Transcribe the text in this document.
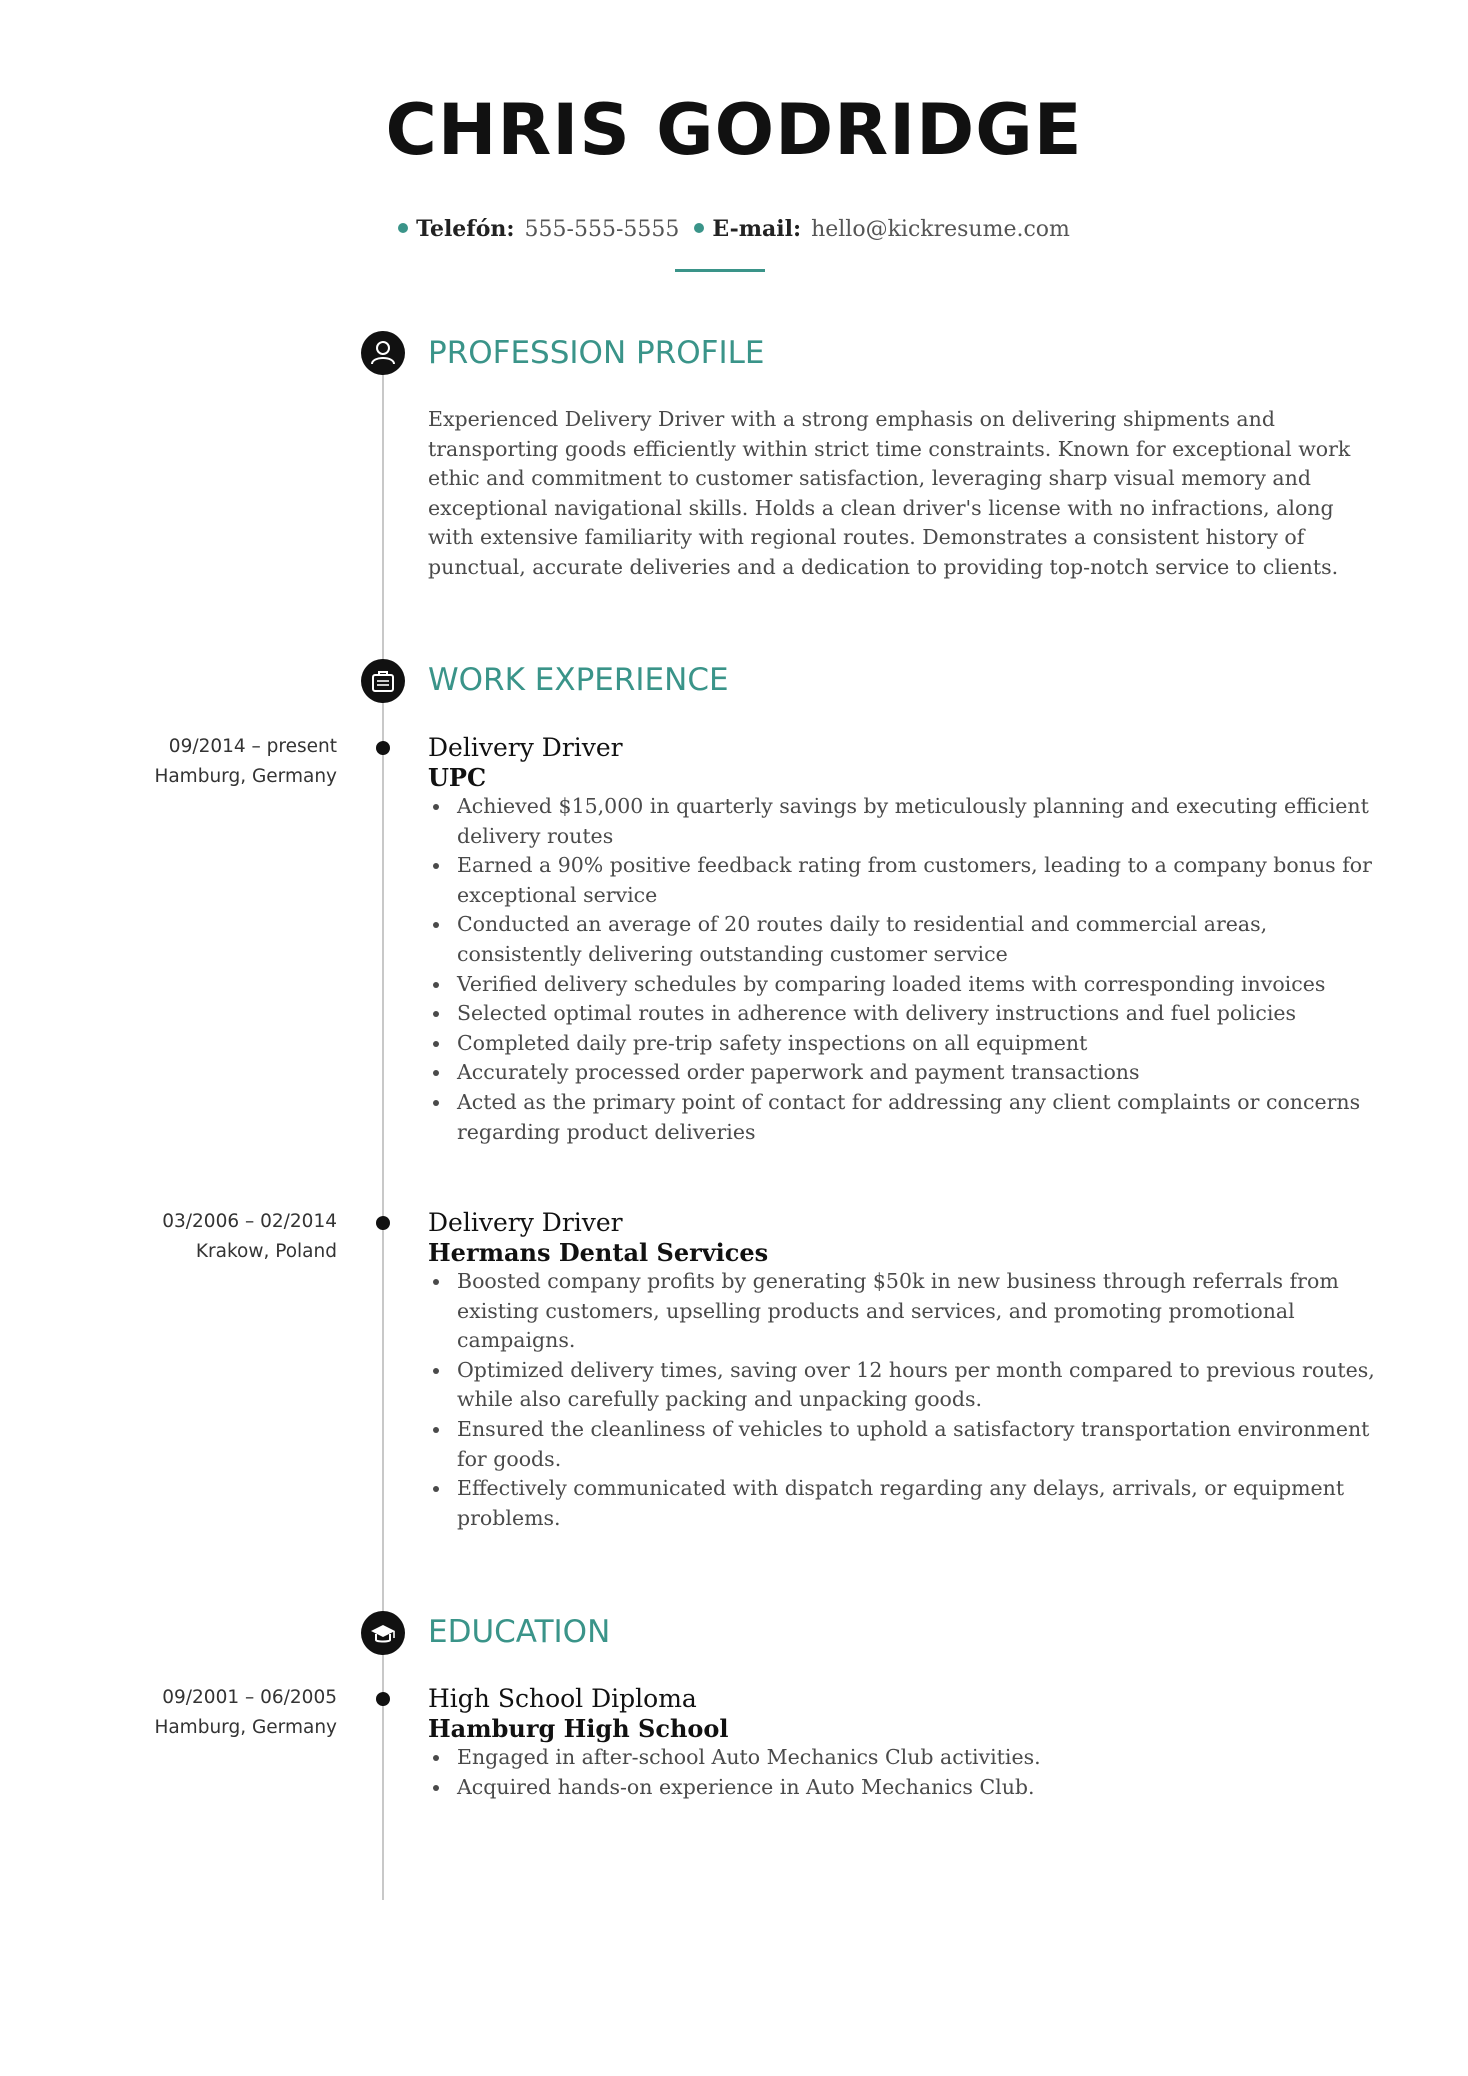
CHRIS GODRIDGE
Telefón: 555-555-5555 E-mail: hello@kickresume.com
PROFESSION PROFILE
Experienced Delivery Driver with a strong emphasis on delivering shipments and
transporting goods efficiently within strict time constraints. Known for exceptional work
ethic and commitment to customer satisfaction, leveraging sharp visual memory and
exceptional navigational skills. Holds a clean driver's license with no infractions, along
with extensive familiarity with regional routes. Demonstrates a consistent history of
punctual, accurate deliveries and a dedication to providing top-notch service to clients.
WORK EXPERIENCE
09/2014 – present
Hamburg, Germany
Delivery Driver
UPC
Achieved $15,000 in quarterly savings by meticulously planning and executing efficient delivery routes
Earned a 90% positive feedback rating from customers, leading to a company bonus for exceptional service
Conducted an average of 20 routes daily to residential and commercial areas, consistently delivering outstanding customer service
Verified delivery schedules by comparing loaded items with corresponding invoices
Selected optimal routes in adherence with delivery instructions and fuel policies
Completed daily pre-trip safety inspections on all equipment
Accurately processed order paperwork and payment transactions
Acted as the primary point of contact for addressing any client complaints or concerns regarding product deliveries
03/2006 – 02/2014
Krakow, Poland
Delivery Driver
Hermans Dental Services
Boosted company profits by generating $50k in new business through referrals from existing customers, upselling products and services, and promoting promotional campaigns.
Optimized delivery times, saving over 12 hours per month compared to previous routes, while also carefully packing and unpacking goods.
Ensured the cleanliness of vehicles to uphold a satisfactory transportation environment for goods.
Effectively communicated with dispatch regarding any delays, arrivals, or equipment problems.
EDUCATION
09/2001 – 06/2005
Hamburg, Germany
High School Diploma
Hamburg High School
Engaged in after-school Auto Mechanics Club activities.
Acquired hands-on experience in Auto Mechanics Club.
